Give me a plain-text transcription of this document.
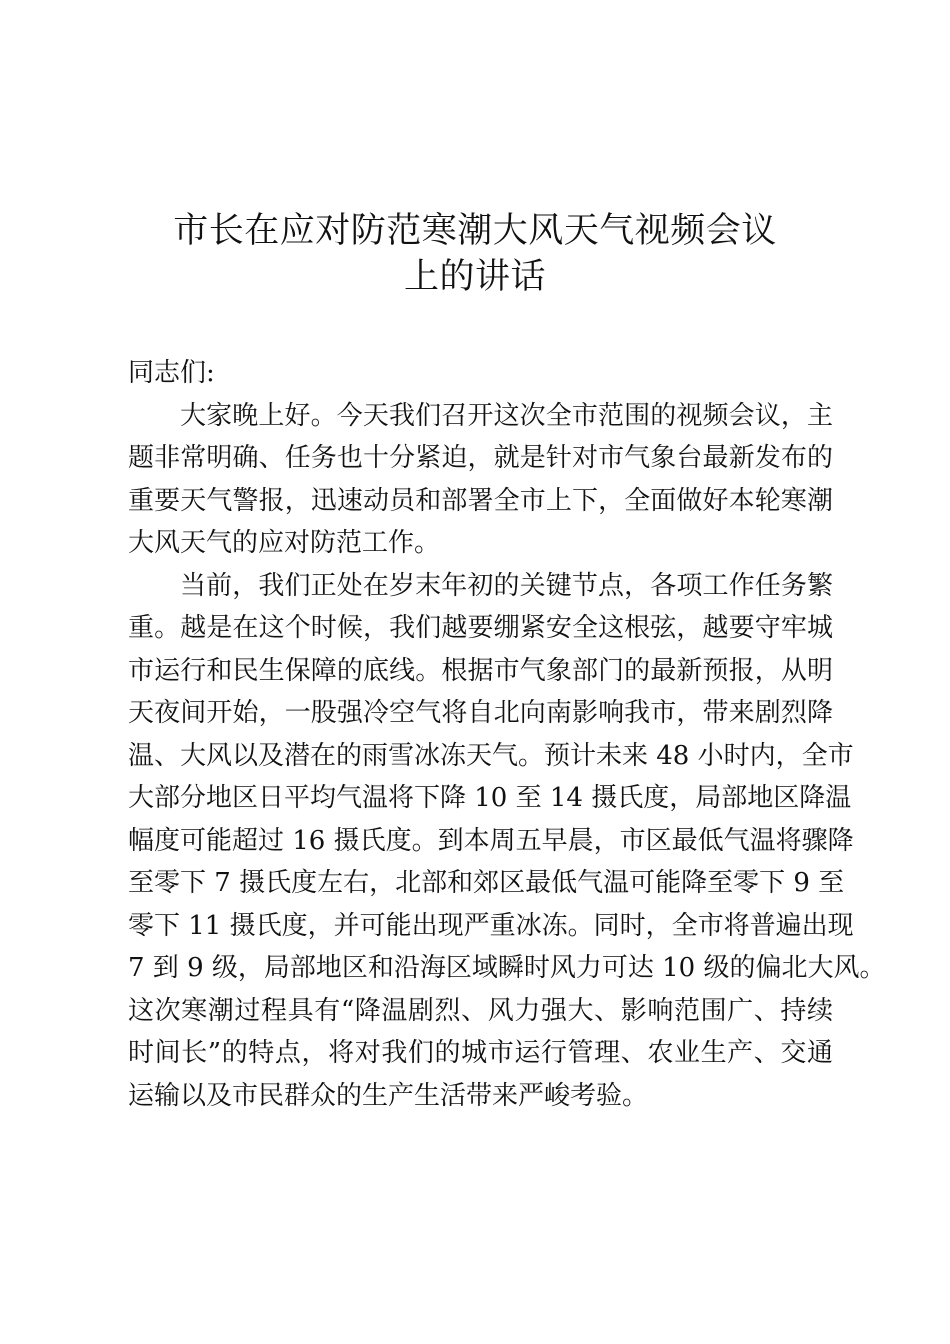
市长在应对防范寒潮大风天气视频会议
上的讲话

同志们:

大家晚上好。今天我们召开这次全市范围的视频会议，主
题非常明确、任务也十分紧迫，就是针对市气象台最新发布的
重要天气警报，迅速动员和部署全市上下，全面做好本轮寒潮
大风天气的应对防范工作。

当前，我们正处在岁末年初的关键节点，各项工作任务繁
重。越是在这个时候，我们越要绷紧安全这根弦，越要守牢城
市运行和民生保障的底线。根据市气象部门的最新预报，从明
天夜间开始，一股强冷空气将自北向南影响我市，带来剧烈降
温、大风以及潜在的雨雪冰冻天气。预计未来 48 小时内，全市
大部分地区日平均气温将下降 10 至 14 摄氏度，局部地区降温
幅度可能超过 16 摄氏度。到本周五早晨，市区最低气温将骤降
至零下 7 摄氏度左右，北部和郊区最低气温可能降至零下 9 至
零下 11 摄氏度，并可能出现严重冰冻。同时，全市将普遍出现
7 到 9 级，局部地区和沿海区域瞬时风力可达 10 级的偏北大风。
这次寒潮过程具有“降温剧烈、风力强大、影响范围广、持续
时间长”的特点，将对我们的城市运行管理、农业生产、交通
运输以及市民群众的生产生活带来严峻考验。
